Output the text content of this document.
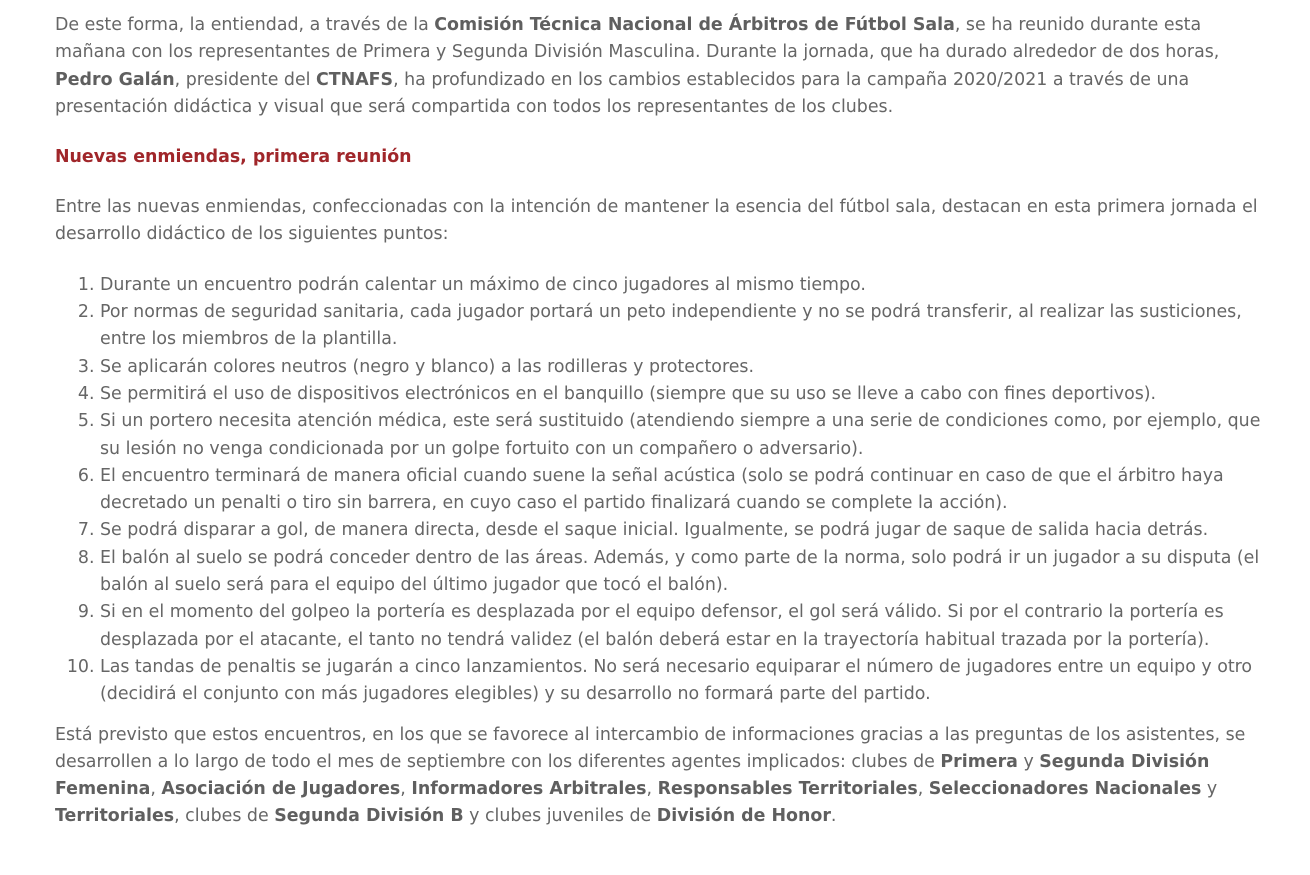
De este forma, la entiendad, a través de la Comisión Técnica Nacional de Árbitros de Fútbol Sala, se ha reunido durante esta mañana con los representantes de Primera y Segunda División Masculina. Durante la jornada, que ha durado alrededor de dos horas, Pedro Galán, presidente del CTNAFS, ha profundizado en los cambios establecidos para la campaña 2020/2021 a través de una presentación didáctica y visual que será compartida con todos los representantes de los clubes.

Nuevas enmiendas, primera reunión

Entre las nuevas enmiendas, confeccionadas con la intención de mantener la esencia del fútbol sala, destacan en esta primera jornada el desarrollo didáctico de los siguientes puntos:

1. Durante un encuentro podrán calentar un máximo de cinco jugadores al mismo tiempo.
2. Por normas de seguridad sanitaria, cada jugador portará un peto independiente y no se podrá transferir, al realizar las susticiones, entre los miembros de la plantilla.
3. Se aplicarán colores neutros (negro y blanco) a las rodilleras y protectores.
4. Se permitirá el uso de dispositivos electrónicos en el banquillo (siempre que su uso se lleve a cabo con fines deportivos).
5. Si un portero necesita atención médica, este será sustituido (atendiendo siempre a una serie de condiciones como, por ejemplo, que su lesión no venga condicionada por un golpe fortuito con un compañero o adversario).
6. El encuentro terminará de manera oficial cuando suene la señal acústica (solo se podrá continuar en caso de que el árbitro haya decretado un penalti o tiro sin barrera, en cuyo caso el partido finalizará cuando se complete la acción).
7. Se podrá disparar a gol, de manera directa, desde el saque inicial. Igualmente, se podrá jugar de saque de salida hacia detrás.
8. El balón al suelo se podrá conceder dentro de las áreas. Además, y como parte de la norma, solo podrá ir un jugador a su disputa (el balón al suelo será para el equipo del último jugador que tocó el balón).
9. Si en el momento del golpeo la portería es desplazada por el equipo defensor, el gol será válido. Si por el contrario la portería es desplazada por el atacante, el tanto no tendrá validez (el balón deberá estar en la trayectoría habitual trazada por la portería).
10. Las tandas de penaltis se jugarán a cinco lanzamientos. No será necesario equiparar el número de jugadores entre un equipo y otro (decidirá el conjunto con más jugadores elegibles) y su desarrollo no formará parte del partido.

Está previsto que estos encuentros, en los que se favorece al intercambio de informaciones gracias a las preguntas de los asistentes, se desarrollen a lo largo de todo el mes de septiembre con los diferentes agentes implicados: clubes de Primera y Segunda División Femenina, Asociación de Jugadores, Informadores Arbitrales, Responsables Territoriales, Seleccionadores Nacionales y Territoriales, clubes de Segunda División B y clubes juveniles de División de Honor.
